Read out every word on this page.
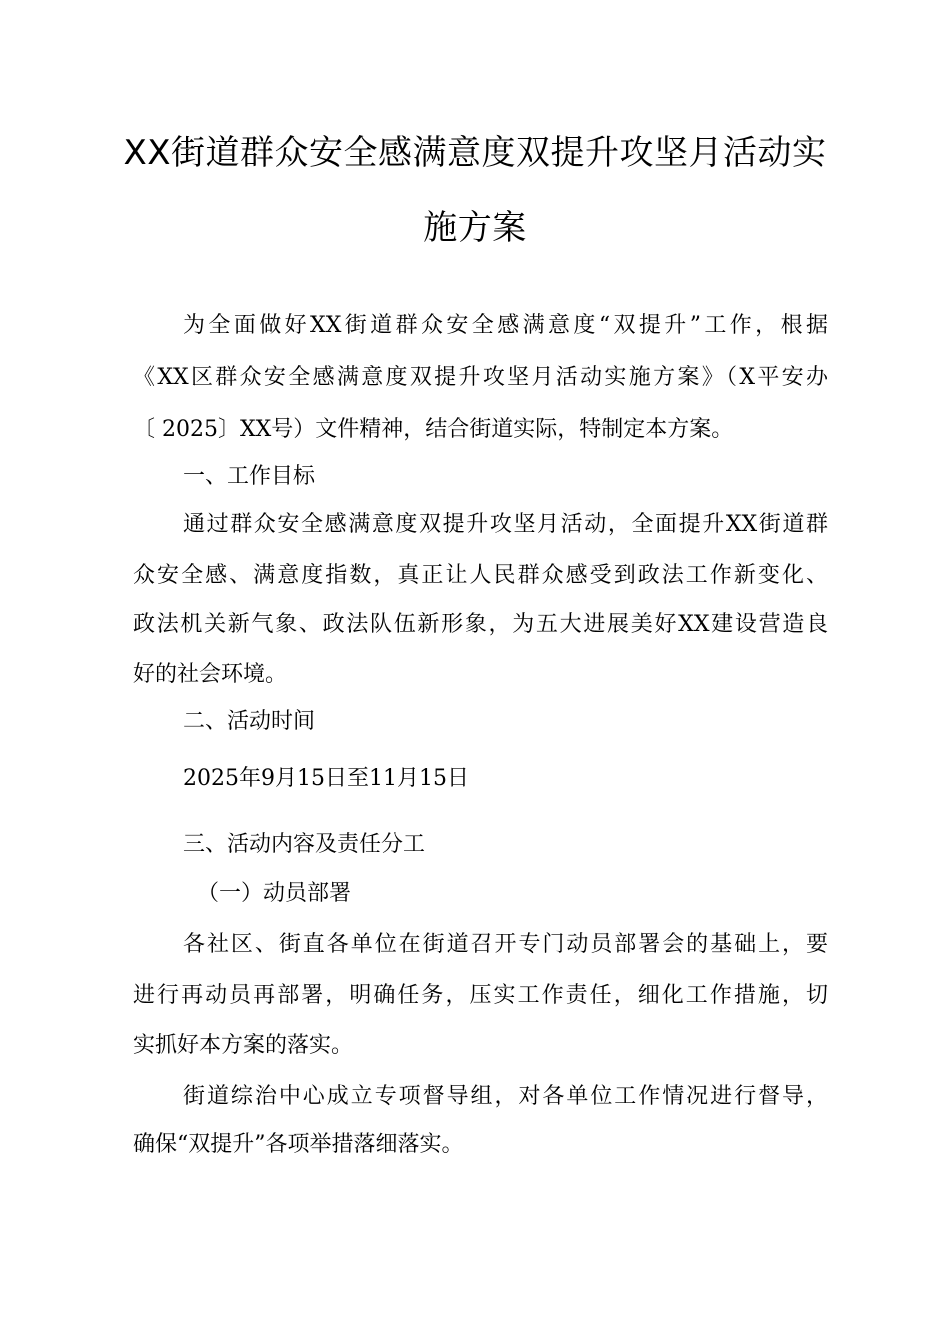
XX街道群众安全感满意度双提升攻坚月活动实
施方案
为全面做好XX街道群众安全感满意度“双提升”工作，根据
《XX区群众安全感满意度双提升攻坚月活动实施方案》（X平安办
〔 2025〕XX号）文件精神，结合街道实际，特制定本方案。
一、工作目标
通过群众安全感满意度双提升攻坚月活动，全面提升XX街道群
众安全感、满意度指数，真正让人民群众感受到政法工作新变化、
政法机关新气象、政法队伍新形象，为五大进展美好XX建设营造良
好的社会环境。
二、活动时间
2025年9月15日至11月15日
三、活动内容及责任分工
（一）动员部署
各社区、街直各单位在街道召开专门动员部署会的基础上，要
进行再动员再部署，明确任务，压实工作责任，细化工作措施，切
实抓好本方案的落实。
街道综治中心成立专项督导组，对各单位工作情况进行督导，
确保“双提升”各项举措落细落实。
